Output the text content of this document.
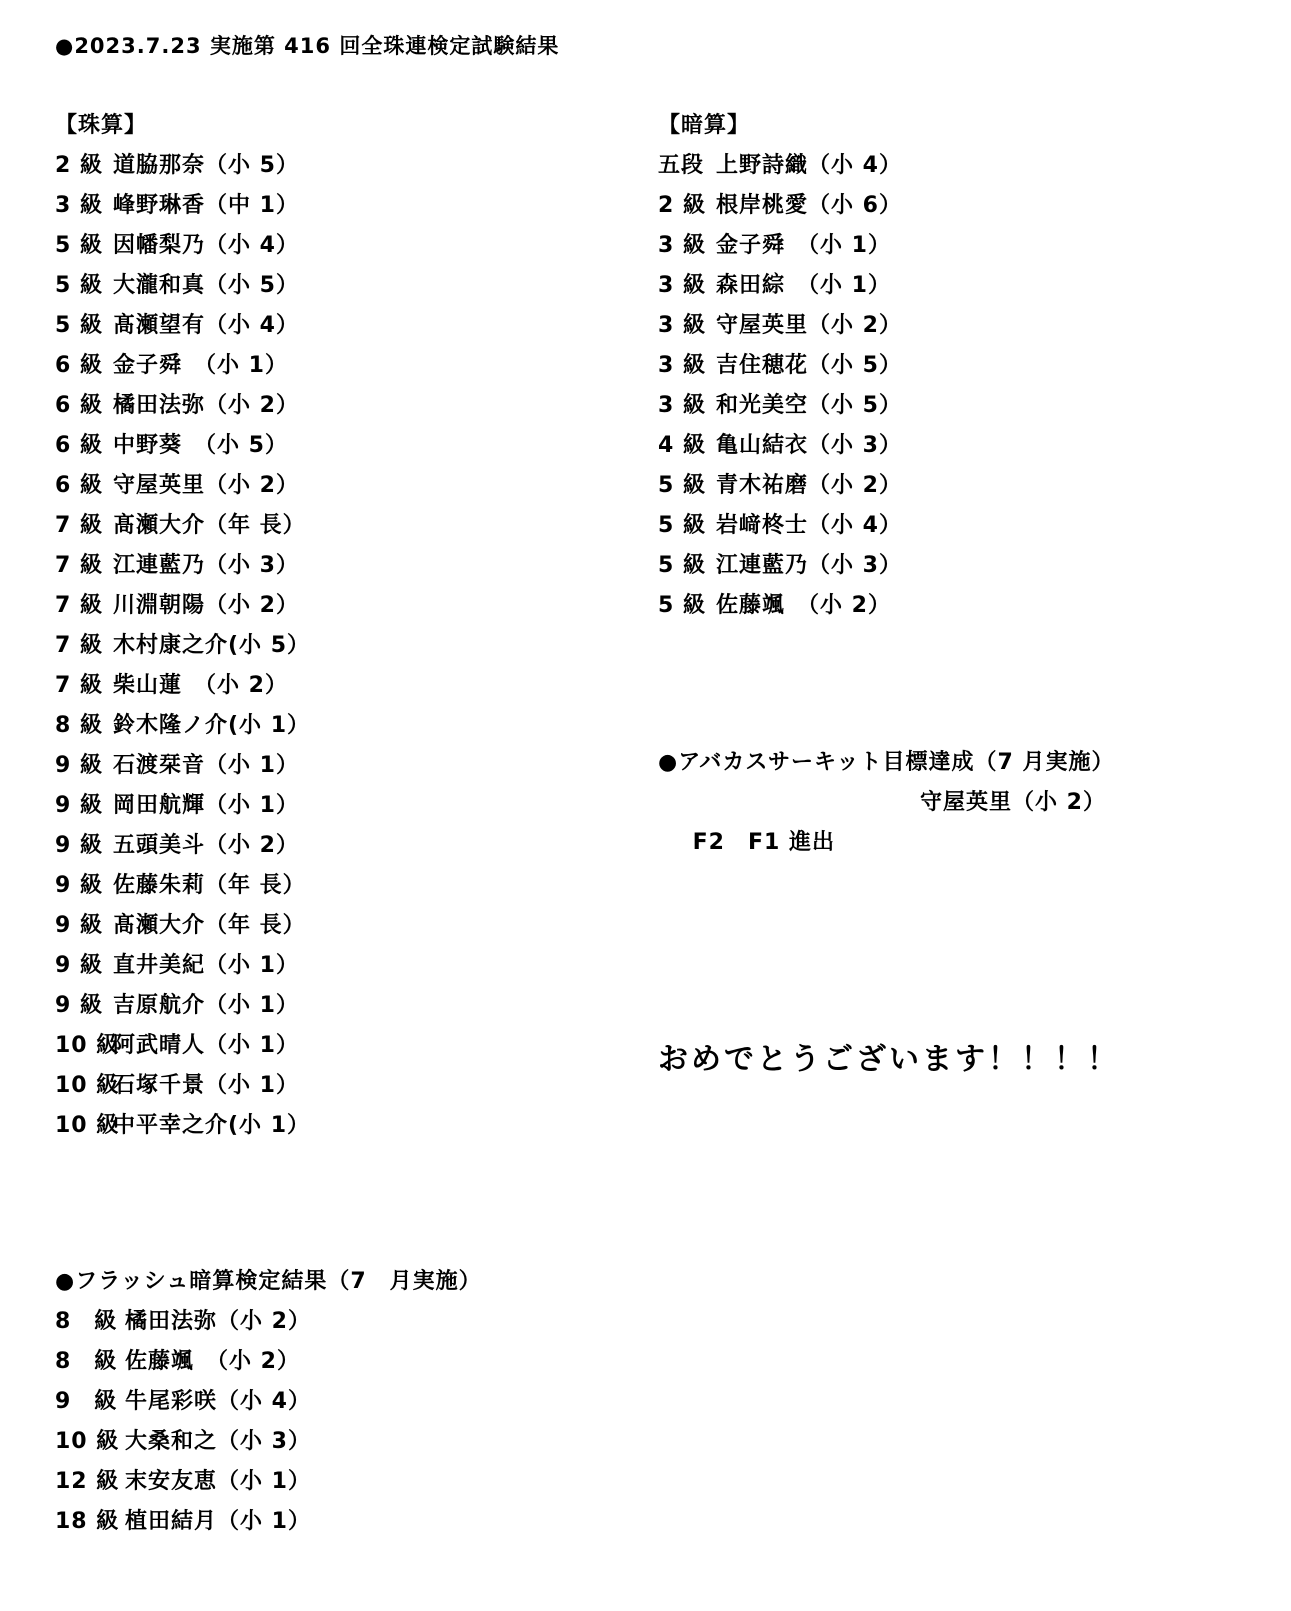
●2023.7.23 実施第 416 回全珠連検定試験結果
【珠算】
2 級 道脇那奈（小 5）
3 級 峰野琳香（中 1）
5 級 因幡梨乃（小 4）
5 級 大瀧和真（小 5）
5 級 髙瀬望有（小 4）
6 級 金子舜　（小 1）
6 級 橘田法弥（小 2）
6 級 中野葵　（小 5）
6 級 守屋英里（小 2）
7 級 髙瀬大介（年 長）
7 級 江連藍乃（小 3）
7 級 川淵朝陽（小 2）
7 級 木村康之介(小 5）
7 級 柴山蓮　（小 2）
8 級 鈴木隆ノ介(小 1）
9 級 石渡栞音（小 1）
9 級 岡田航輝（小 1）
9 級 五頭美斗（小 2）
9 級 佐藤朱莉（年 長）
9 級 髙瀬大介（年 長）
9 級 直井美紀（小 1）
9 級 吉原航介（小 1）
10 級阿武晴人（小 1）
10 級石塚千景（小 1）
10 級中平幸之介(小 1）
【暗算】
五段 上野詩織（小 4）
2 級 根岸桃愛（小 6）
3 級 金子舜　（小 1）
3 級 森田綜　（小 1）
3 級 守屋英里（小 2）
3 級 吉住穂花（小 5）
3 級 和光美空（小 5）
4 級 亀山結衣（小 3）
5 級 青木祐磨（小 2）
5 級 岩﨑柊士（小 4）
5 級 江連藍乃（小 3）
5 級 佐藤颯　（小 2）
●アバカスサーキット目標達成（7 月実施）

F2　F1 進出

守屋英里（小 2）

おめでとうございます！！！！
●フラッシュ暗算検定結果（7　月実施）
8　級 橘田法弥（小 2）
8　級 佐藤颯　（小 2）
9　級 牛尾彩咲（小 4）
10 級 大桑和之（小 3）
12 級 末安友恵（小 1）
18 級 植田結月（小 1）
